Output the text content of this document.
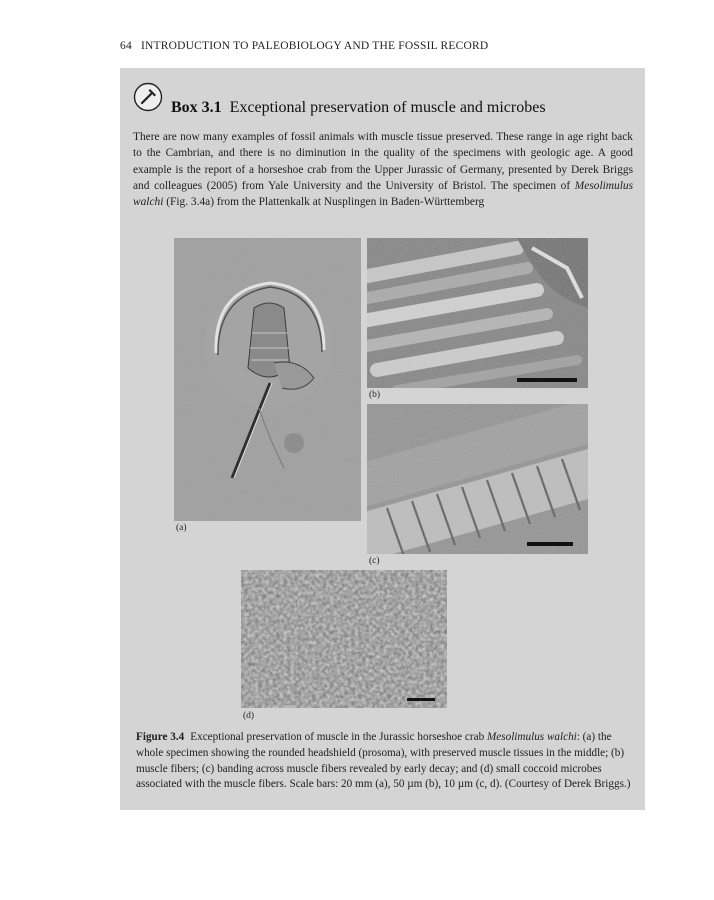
64 INTRODUCTION TO PALEOBIOLOGY AND THE FOSSIL RECORD
Box 3.1 Exceptional preservation of muscle and microbes

There are now many examples of fossil animals with muscle tissue preserved. These range in age right back to the Cambrian, and there is no diminution in the quality of the specimens with geologic age. A good example is the report of a horseshoe crab from the Upper Jurassic of Germany, presented by Derek Briggs and colleagues (2005) from Yale University and the University of Bristol. The specimen of Mesolimulus walchi (Fig. 3.4a) from the Plattenkalk at Nusplingen in Baden-Württemberg

(a)
(b)
(c)
(d)
Figure 3.4 Exceptional preservation of muscle in the Jurassic horseshoe crab Mesolimulus walchi: (a) the whole specimen showing the rounded headshield (prosoma), with preserved muscle tissues in the middle; (b) muscle fibers; (c) banding across muscle fibers revealed by early decay; and (d) small coccoid microbes associated with the muscle fibers. Scale bars: 20 mm (a), 50 µm (b), 10 µm (c, d). (Courtesy of Derek Briggs.)
